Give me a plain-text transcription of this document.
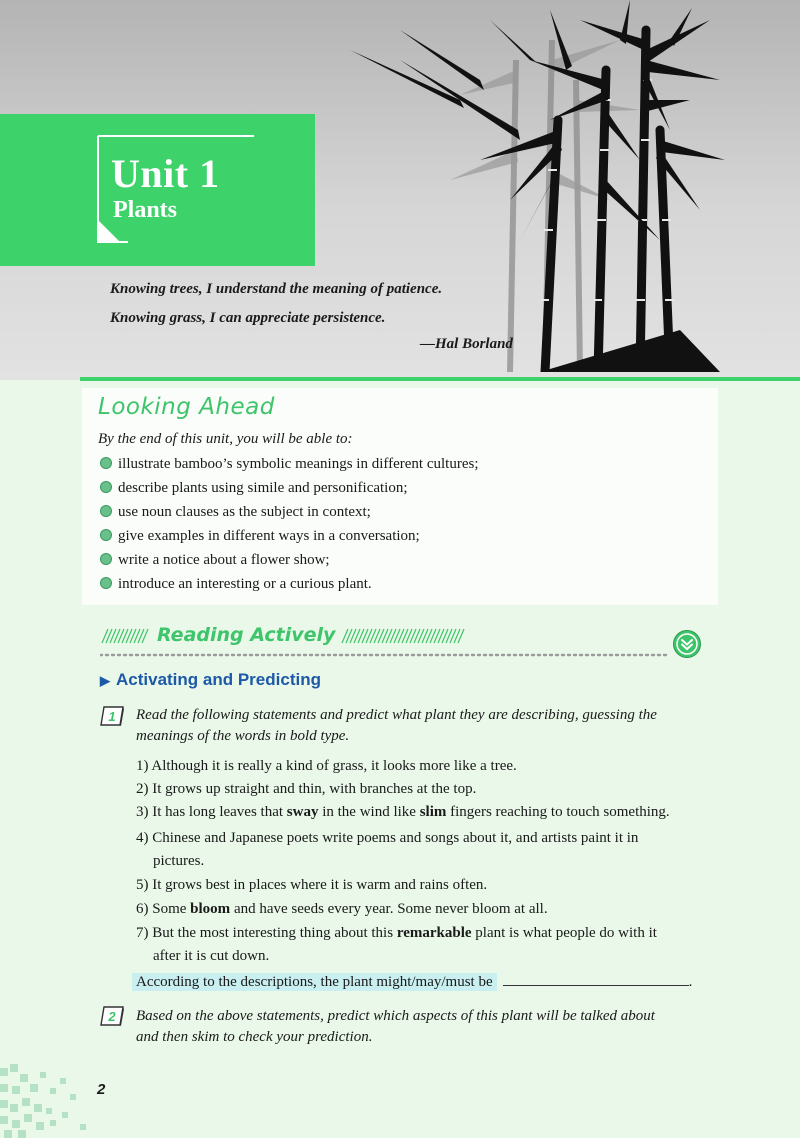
Unit 1
Plants
Knowing trees, I understand the meaning of patience.
Knowing grass, I can appreciate persistence.
—Hal Borland
Looking Ahead
By the end of this unit, you will be able to:
illustrate bamboo’s symbolic meanings in different cultures;
describe plants using simile and personification;
use noun clauses as the subject in context;
give examples in different ways in a conversation;
write a notice about a flower show;
introduce an interesting or a curious plant.
Reading Actively
▶ Activating and Predicting
1 Read the following statements and predict what plant they are describing, guessing the
meanings of the words in bold type.
1) Although it is really a kind of grass, it looks more like a tree.
2) It grows up straight and thin, with branches at the top.
3) It has long leaves that sway in the wind like slim fingers reaching to touch something.
4) Chinese and Japanese poets write poems and songs about it, and artists paint it in
pictures.
5) It grows best in places where it is warm and rains often.
6) Some bloom and have seeds every year. Some never bloom at all.
7) But the most interesting thing about this remarkable plant is what people do with it
after it is cut down.
According to the descriptions, the plant might/may/must be	.
2 Based on the above statements, predict which aspects of this plant will be talked about
and then skim to check your prediction.
2
